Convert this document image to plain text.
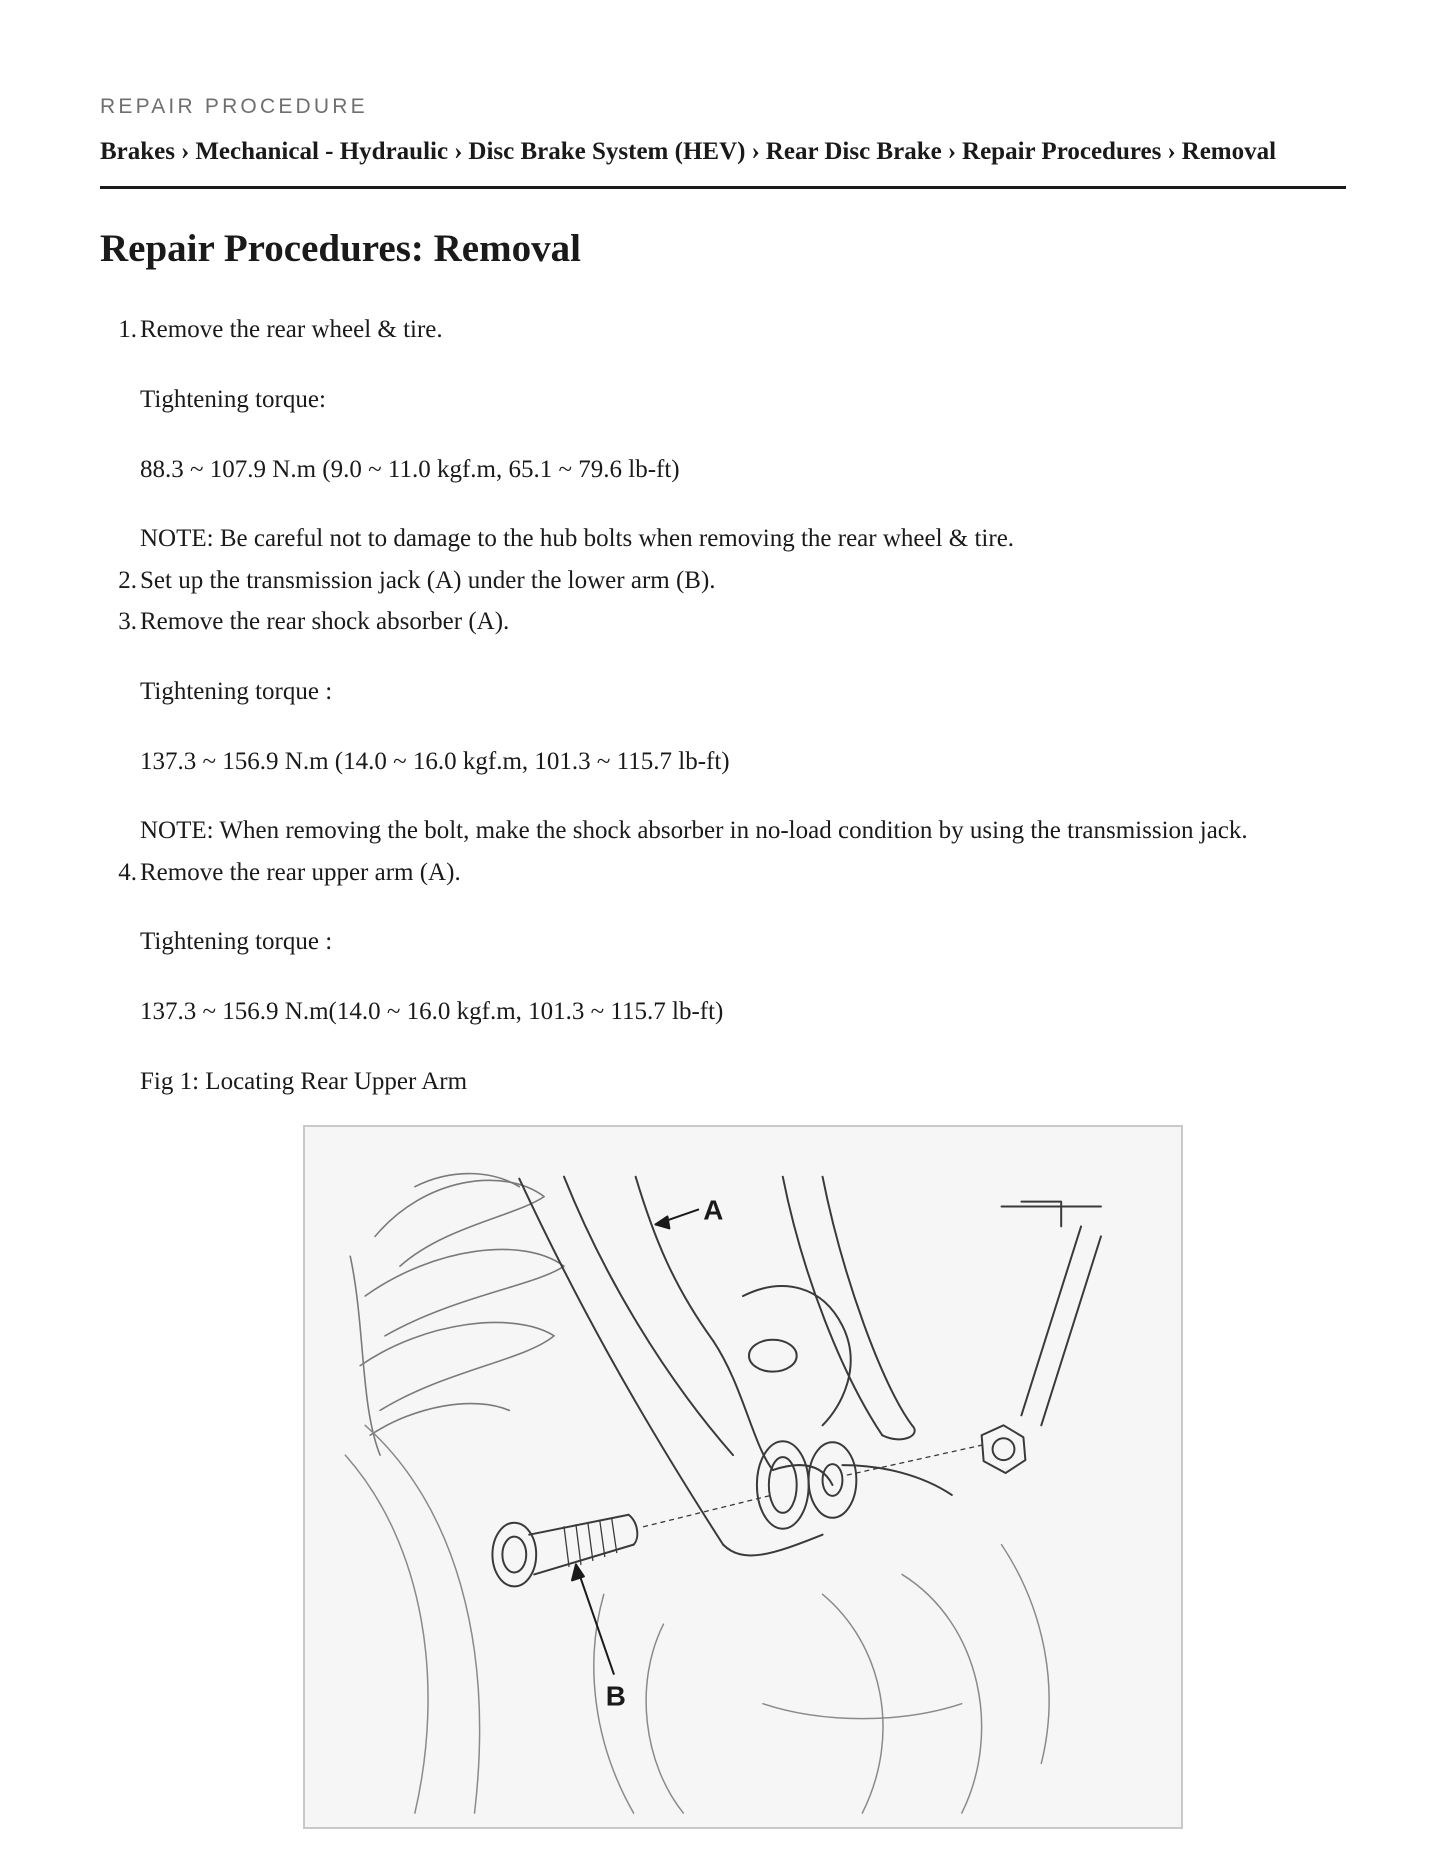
REPAIR PROCEDURE
Brakes › Mechanical - Hydraulic › Disc Brake System (HEV) › Rear Disc Brake › Repair Procedures › Removal
Repair Procedures: Removal
1. Remove the rear wheel & tire.
Tightening torque:
88.3 ~ 107.9 N.m (9.0 ~ 11.0 kgf.m, 65.1 ~ 79.6 lb-ft)
NOTE: Be careful not to damage to the hub bolts when removing the rear wheel & tire.
2. Set up the transmission jack (A) under the lower arm (B).
3. Remove the rear shock absorber (A).
Tightening torque :
137.3 ~ 156.9 N.m (14.0 ~ 16.0 kgf.m, 101.3 ~ 115.7 lb-ft)
NOTE: When removing the bolt, make the shock absorber in no-load condition by using the transmission jack.
4. Remove the rear upper arm (A).
Tightening torque :
137.3 ~ 156.9 N.m(14.0 ~ 16.0 kgf.m, 101.3 ~ 115.7 lb-ft)
Fig 1: Locating Rear Upper Arm
A
B
